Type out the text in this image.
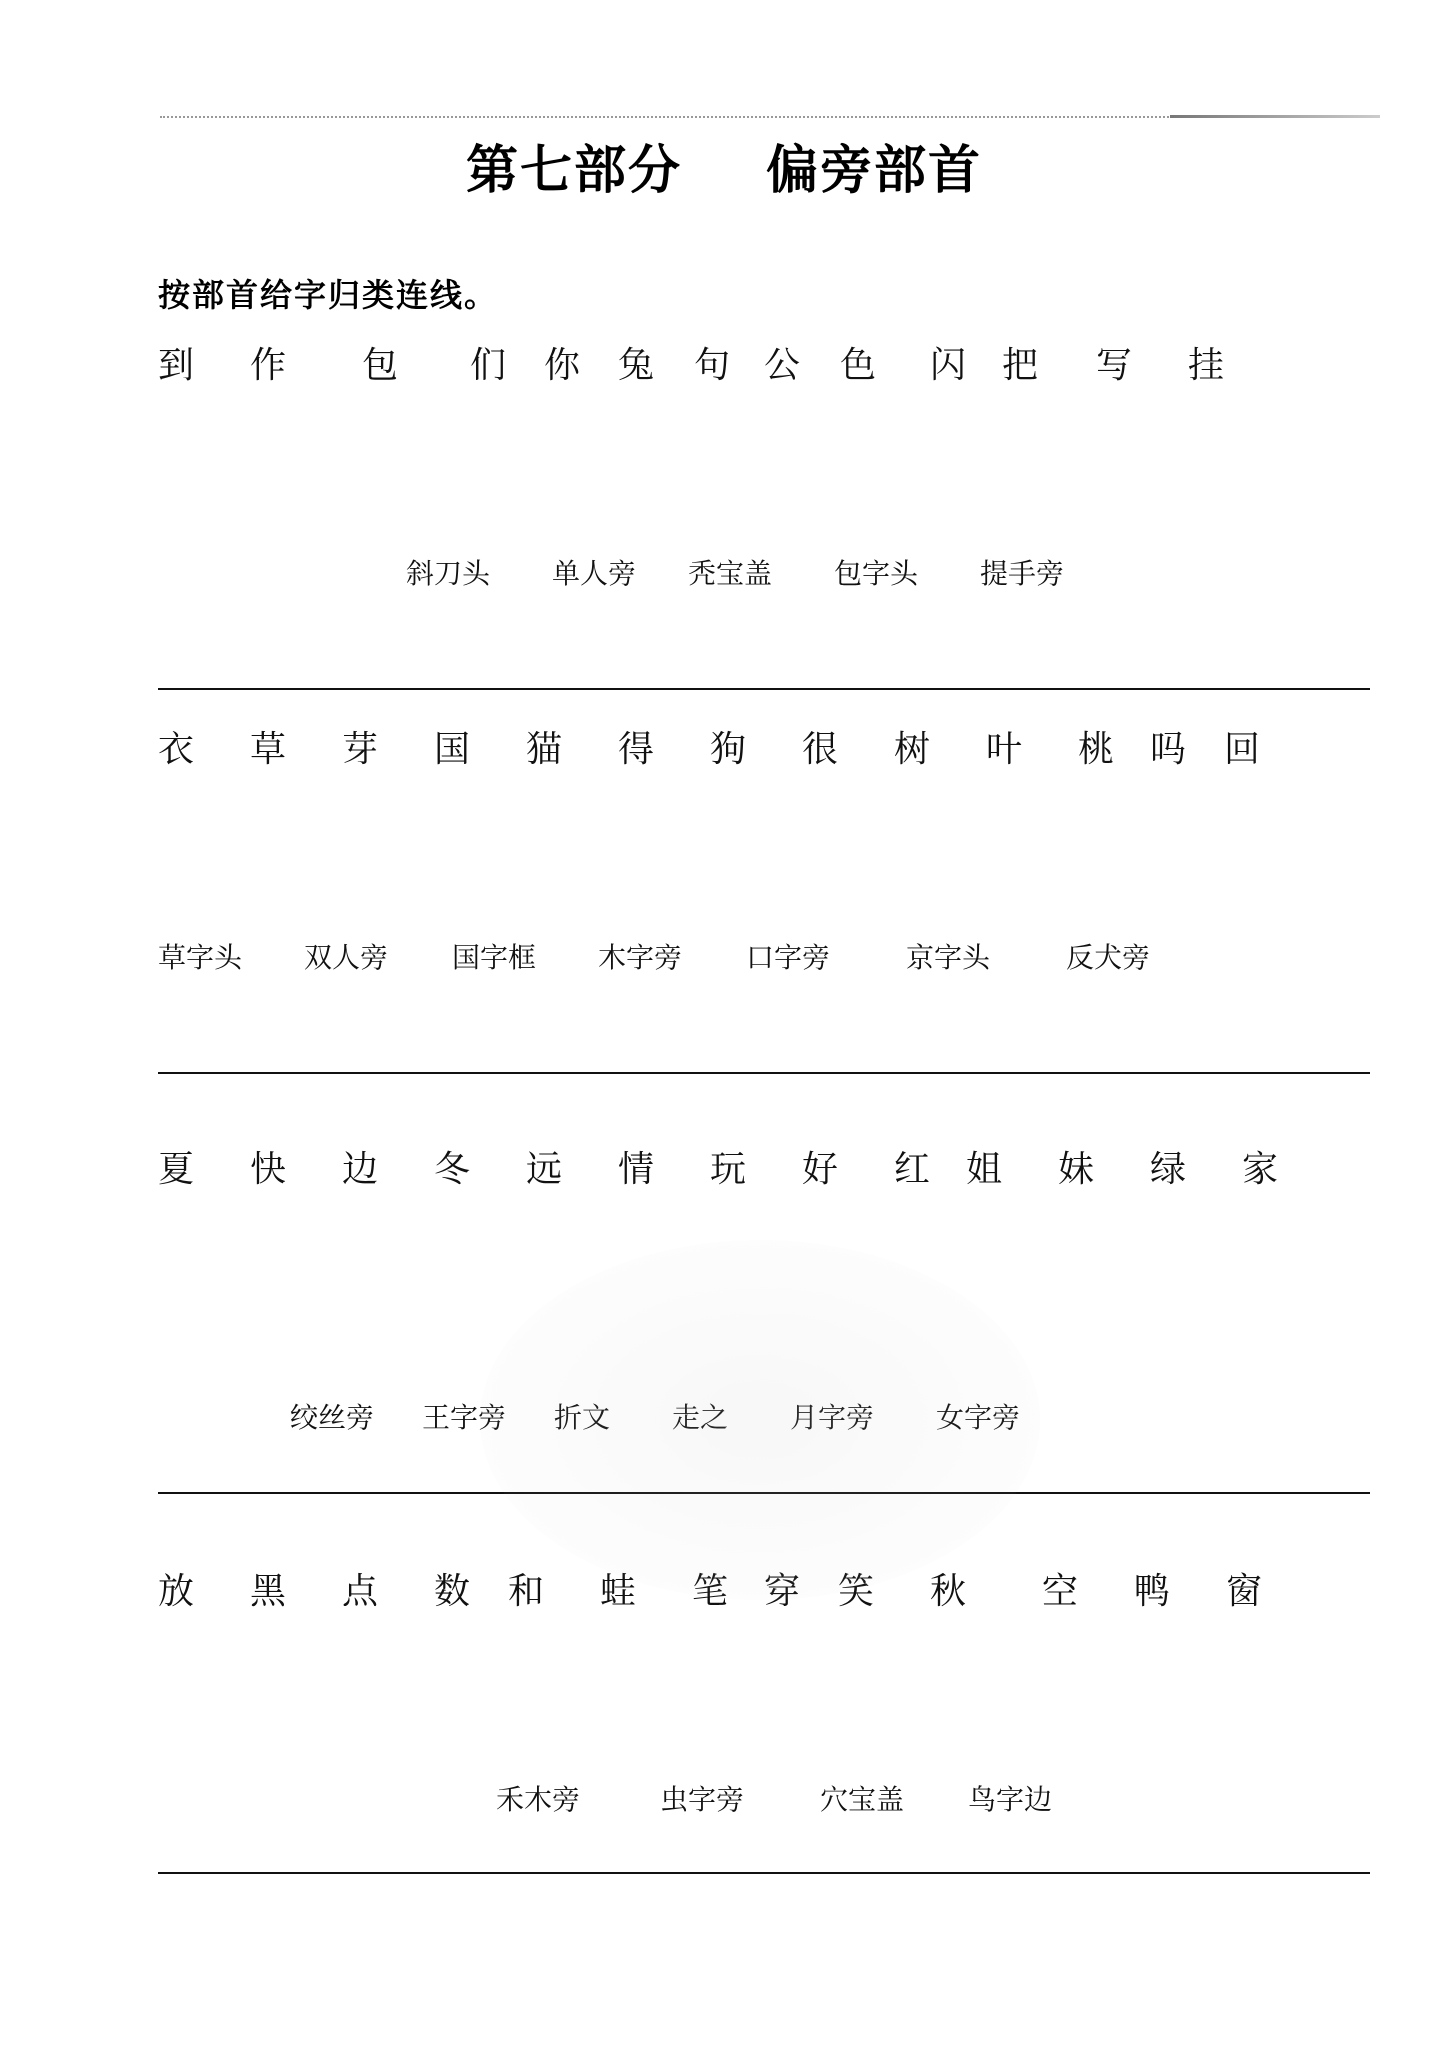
第七部分 偏旁部首
按部首给字归类连线。
到 作 包 们 你 兔 句 公 色 闪 把 写 挂
斜刀头 单人旁 秃宝盖 包字头 提手旁
衣 草 芽 国 猫 得 狗 很 树 叶 桃 吗 回
草字头 双人旁 国字框 木字旁 口字旁	京字头	反犬旁
夏 快 边 冬 远 情 玩 好 红 姐 妹 绿 家
绞丝旁 王字旁 折文 走之 月字旁 女字旁
放 黑 点 数 和 蛙 笔 穿 笑 秋 空 鸭 窗
禾木旁	虫字旁	穴宝盖 鸟字边
